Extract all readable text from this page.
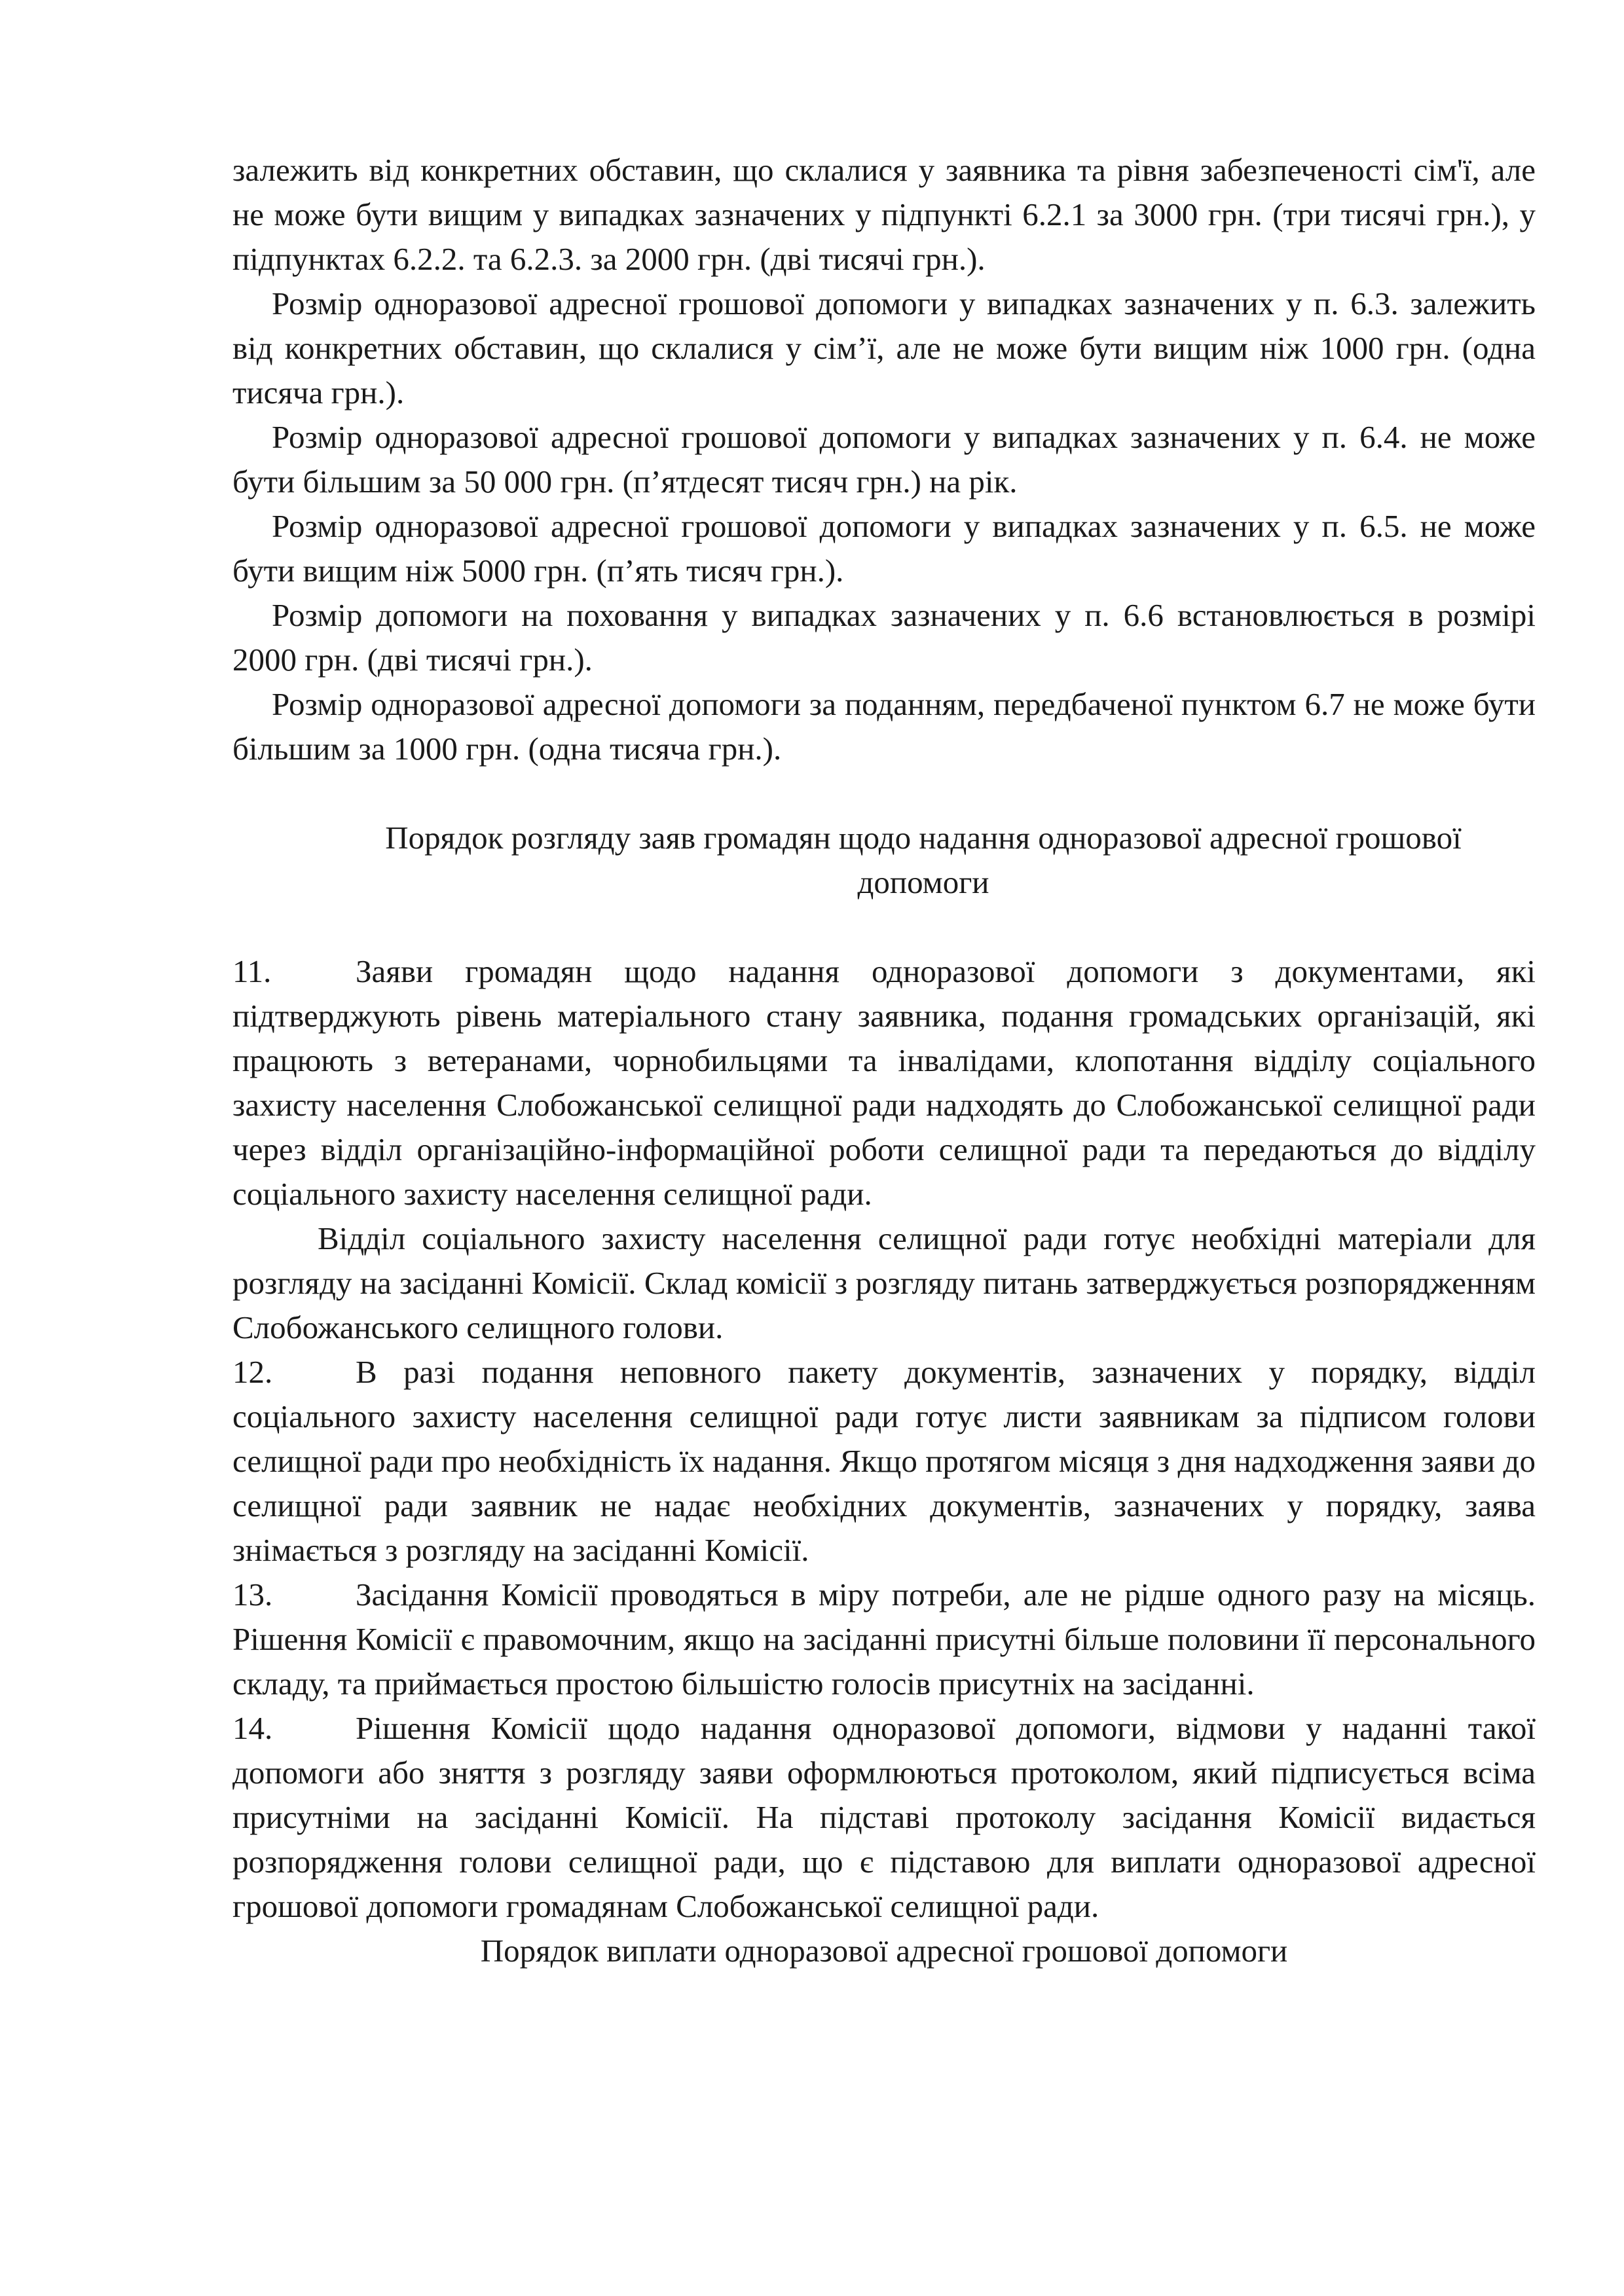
залежить від конкретних обставин, що склалися у заявника та рівня забезпеченості сім'ї, але не може бути вищим у випадках зазначених у підпункті 6.2.1 за 3000 грн. (три тисячі грн.), у підпунктах 6.2.2. та 6.2.3. за 2000 грн. (дві тисячі грн.).

Розмір одноразової адресної грошової допомоги у випадках зазначених у п. 6.3. залежить від конкретних обставин, що склалися у сім’ї, але не може бути вищим ніж 1000 грн. (одна тисяча грн.).

Розмір одноразової адресної грошової допомоги у випадках зазначених у п. 6.4. не може бути більшим за 50 000 грн. (п’ятдесят тисяч грн.) на рік.

Розмір одноразової адресної грошової допомоги у випадках зазначених у п. 6.5. не може бути вищим ніж 5000 грн. (п’ять тисяч грн.).

Розмір допомоги на поховання у випадках зазначених у п. 6.6 встановлюється в розмірі 2000 грн. (дві тисячі грн.).

Розмір одноразової адресної допомоги за поданням, передбаченої пунктом 6.7 не може бути більшим за 1000 грн. (одна тисяча грн.).

Порядок розгляду заяв громадян щодо надання одноразової адресної грошової допомоги

11.	Заяви громадян щодо надання одноразової допомоги з документами, які підтверджують рівень матеріального стану заявника, подання громадських організацій, які працюють з ветеранами, чорнобильцями та інвалідами, клопотання відділу соціального захисту населення Слобожанської селищної ради надходять до Слобожанської селищної ради через відділ організаційно-інформаційної роботи селищної ради та передаються до відділу соціального захисту населення селищної ради.

Відділ соціального захисту населення селищної ради готує необхідні матеріали для розгляду на засіданні Комісії. Склад комісії з розгляду питань затверджується розпорядженням Слобожанського селищного голови.

12.	В разі подання неповного пакету документів, зазначених у порядку, відділ соціального захисту населення селищної ради готує листи заявникам за підписом голови селищної ради про необхідність їх надання. Якщо протягом місяця з дня надходження заяви до селищної ради заявник не надає необхідних документів, зазначених у порядку, заява знімається з розгляду на засіданні Комісії.

13.	Засідання Комісії проводяться в міру потреби, але не рідше одного разу на місяць. Рішення Комісії є правомочним, якщо на засіданні присутні більше половини її персонального складу, та приймається простою більшістю голосів присутніх на засіданні.

14.	Рішення Комісії щодо надання одноразової допомоги, відмови у наданні такої допомоги або зняття з розгляду заяви оформлюються протоколом, який підписується всіма присутніми на засіданні Комісії. На підставі протоколу засідання Комісії видається розпорядження голови селищної ради, що є підставою для виплати одноразової адресної грошової допомоги громадянам Слобожанської селищної ради.

Порядок виплати одноразової адресної грошової допомоги
